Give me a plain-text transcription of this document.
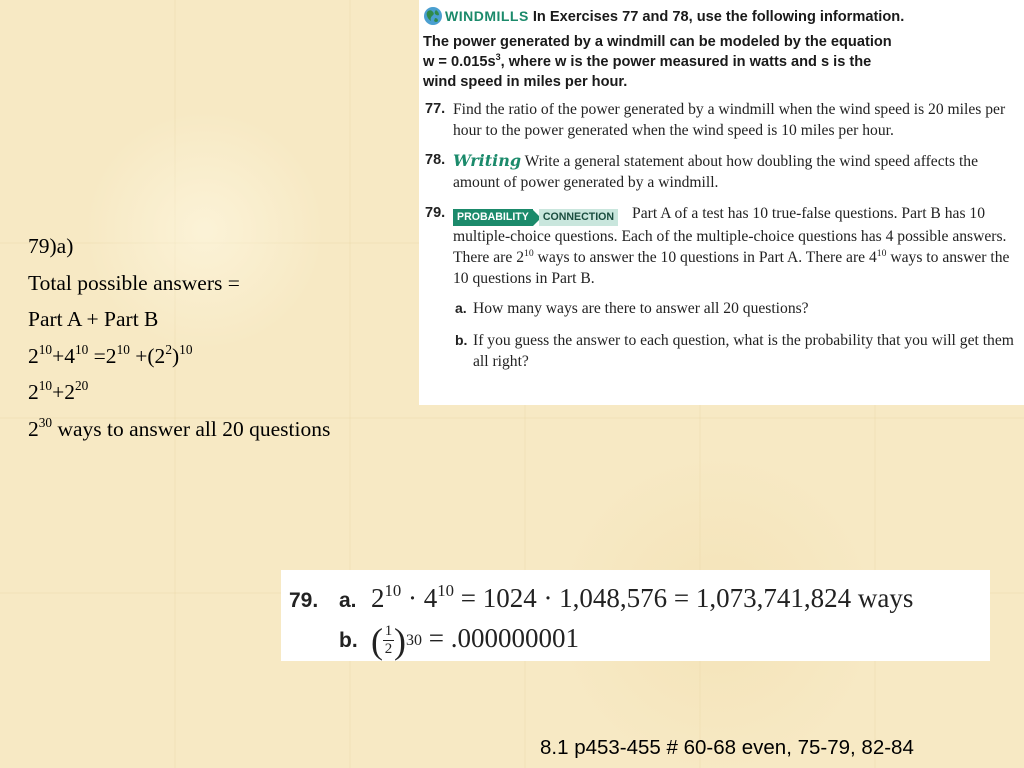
WINDMILLS In Exercises 77 and 78, use the following information.
The power generated by a windmill can be modeled by the equation
$w = 0.015s^3$, where w is the power measured in watts and s is the
wind speed in miles per hour.
77. Find the ratio of the power generated by a windmill when the wind speed is 20 miles per hour to the power generated when the wind speed is 10 miles per hour.
78. Writing Write a general statement about how doubling the wind speed affects the amount of power generated by a windmill.
79.	PROBABILITY	CONNECTION Part A of a test has 10 true-false questions. Part B has 10 multiple-choice questions. Each of the multiple-choice questions has 4 possible answers. There are $2^{10}$ ways to answer the 10 questions in Part A. There are $4^{10}$ ways to answer the 10 questions in Part B.
a. How many ways are there to answer all 20 questions?
b. If you guess the answer to each question, what is the probability that you will get them all right?
79)a)
Total possible answers =
Part A + Part B
$2^{10}+4^{10} =2^{10} +(2^2)^{10}$
$2^{10}+2^{20}$
$2^{30}$ ways to answer all 20 questions
79. a. $2^{10} \cdot 4^{10} = 1024 \cdot 1,048,576 = 1,073,741,824$ ways
b. ( 1
2 ) 30 = .000000001
8.1 p453-455 # 60-68 even, 75-79, 82-84
